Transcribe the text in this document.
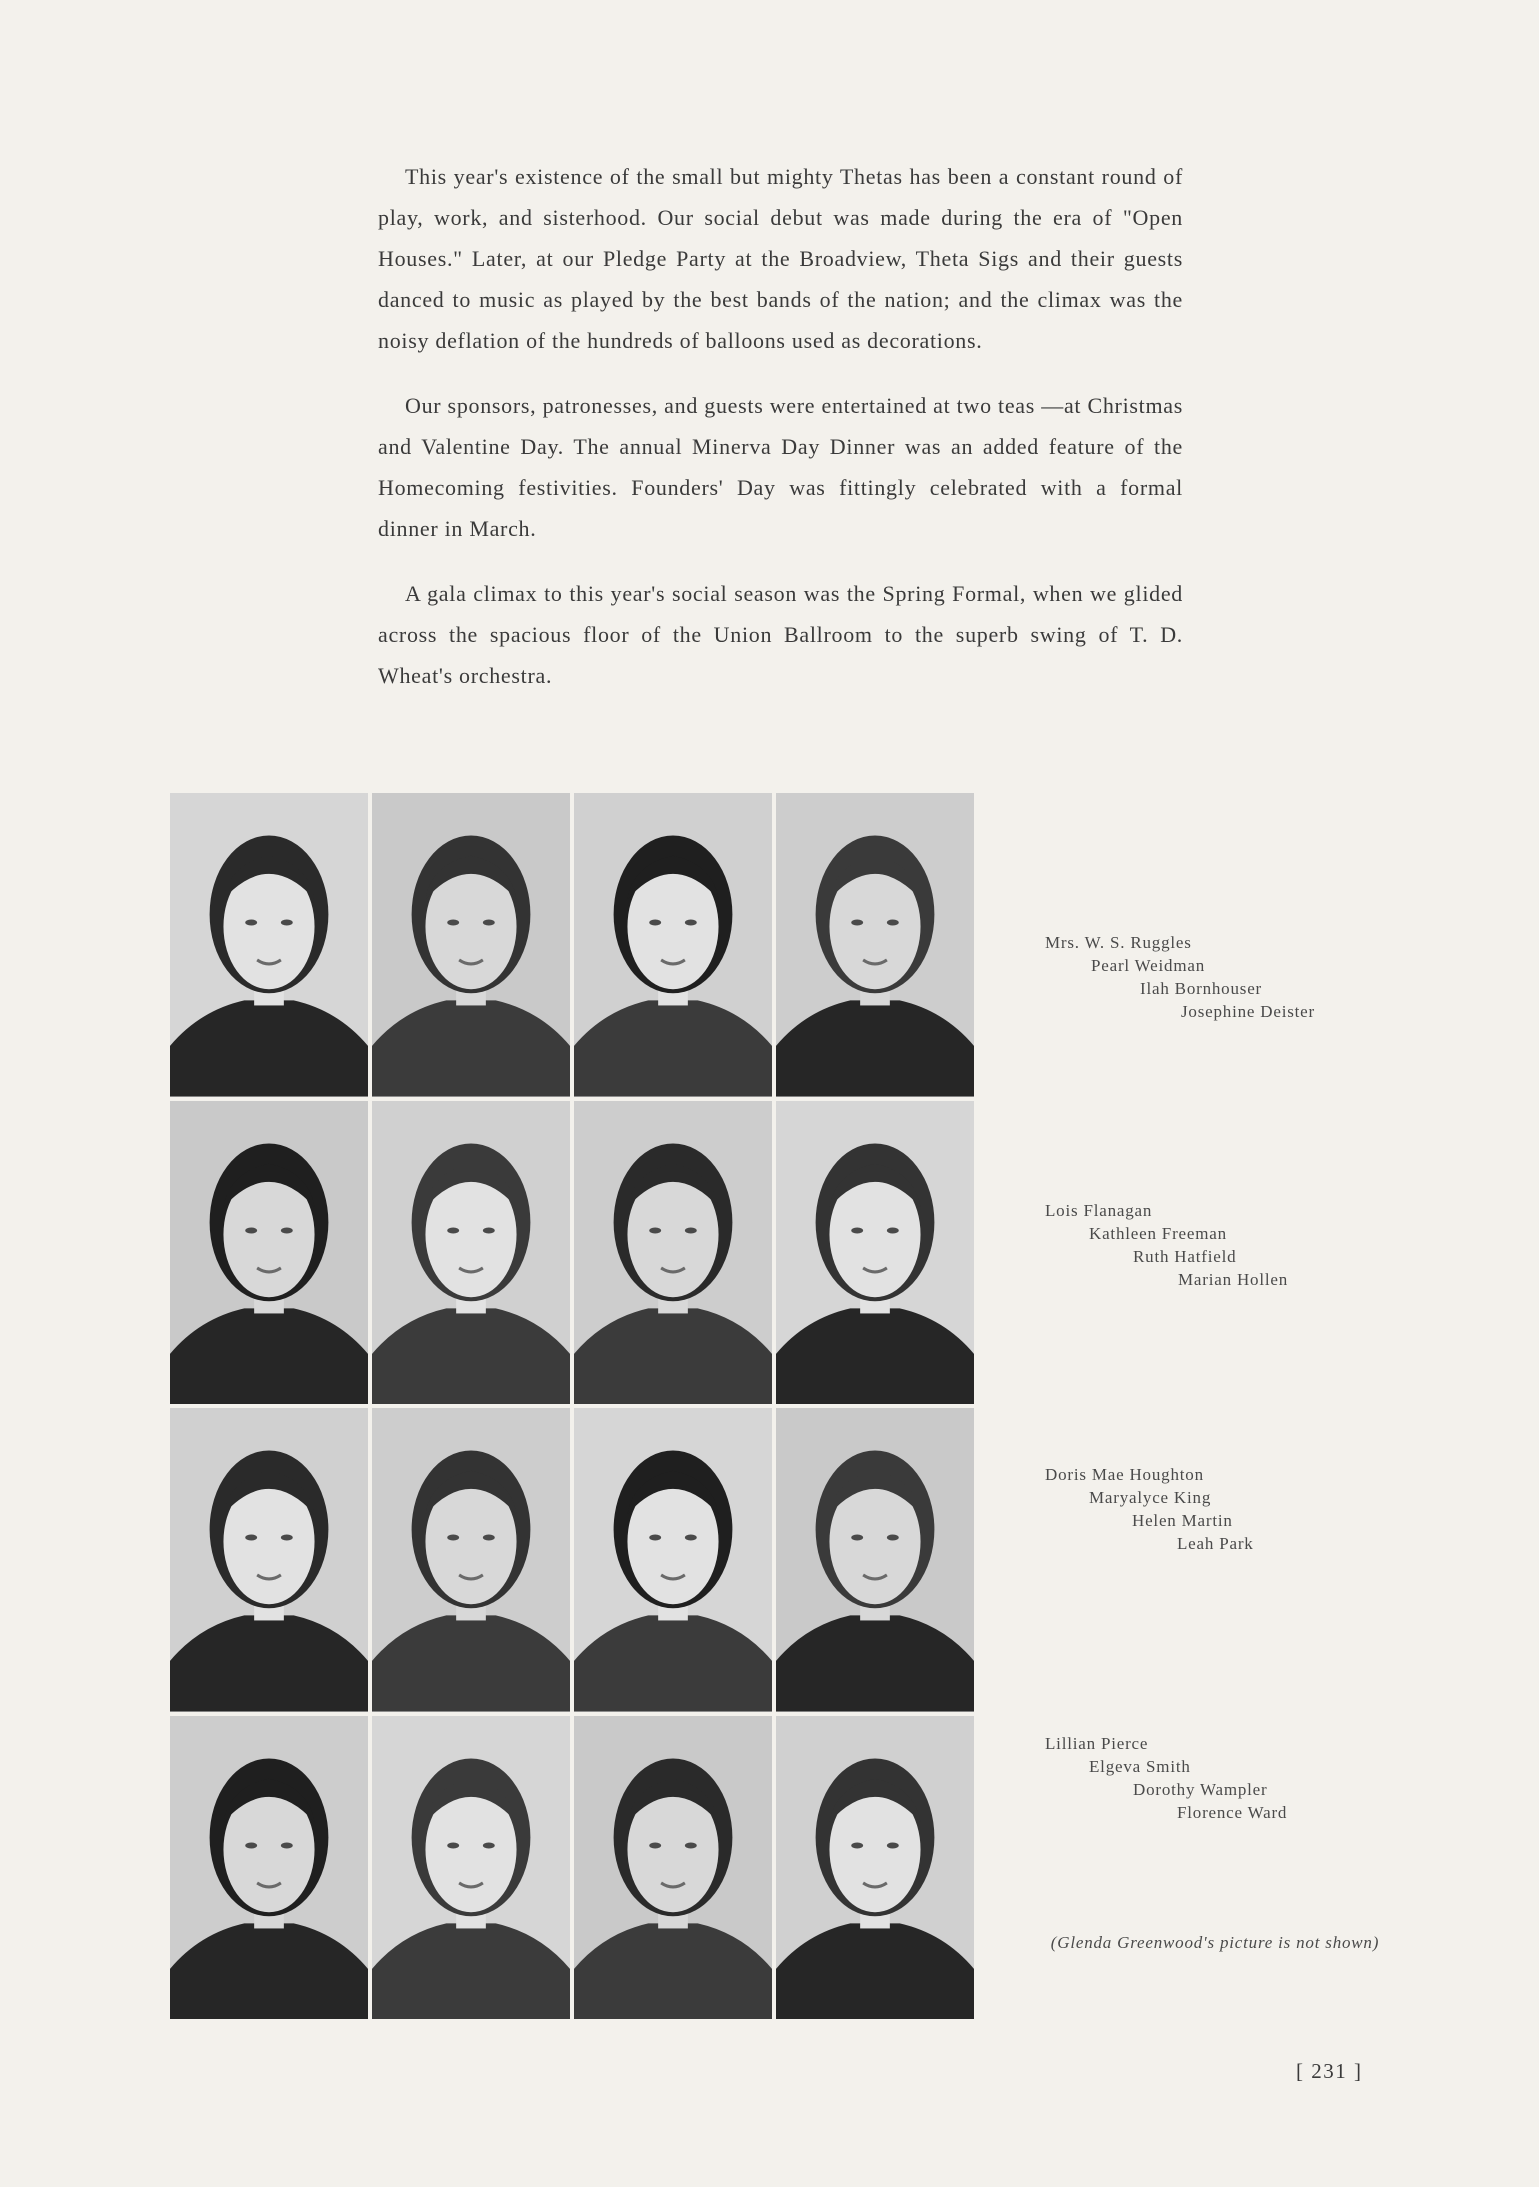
This year's existence of the small but mighty Thetas has been a constant round of play, work, and sisterhood. Our social debut was made during the era of "Open Houses." Later, at our Pledge Party at the Broadview, Theta Sigs and their guests danced to music as played by the best bands of the nation; and the climax was the noisy deflation of the hundreds of balloons used as decorations.

Our sponsors, patronesses, and guests were entertained at two teas —at Christmas and Valentine Day. The annual Minerva Day Dinner was an added feature of the Homecoming festivities. Founders' Day was fittingly celebrated with a formal dinner in March.

A gala climax to this year's social season was the Spring Formal, when we glided across the spacious floor of the Union Ballroom to the superb swing of T. D. Wheat's orchestra.

Mrs. W. S. Ruggles
Pearl Weidman
Ilah Bornhouser
Josephine Deister
Lois Flanagan
Kathleen Freeman
Ruth Hatfield
Marian Hollen
Doris Mae Houghton
Maryalyce King
Helen Martin
Leah Park
Lillian Pierce
Elgeva Smith
Dorothy Wampler
Florence Ward
(Glenda Greenwood's picture is not shown)
[ 231 ]
